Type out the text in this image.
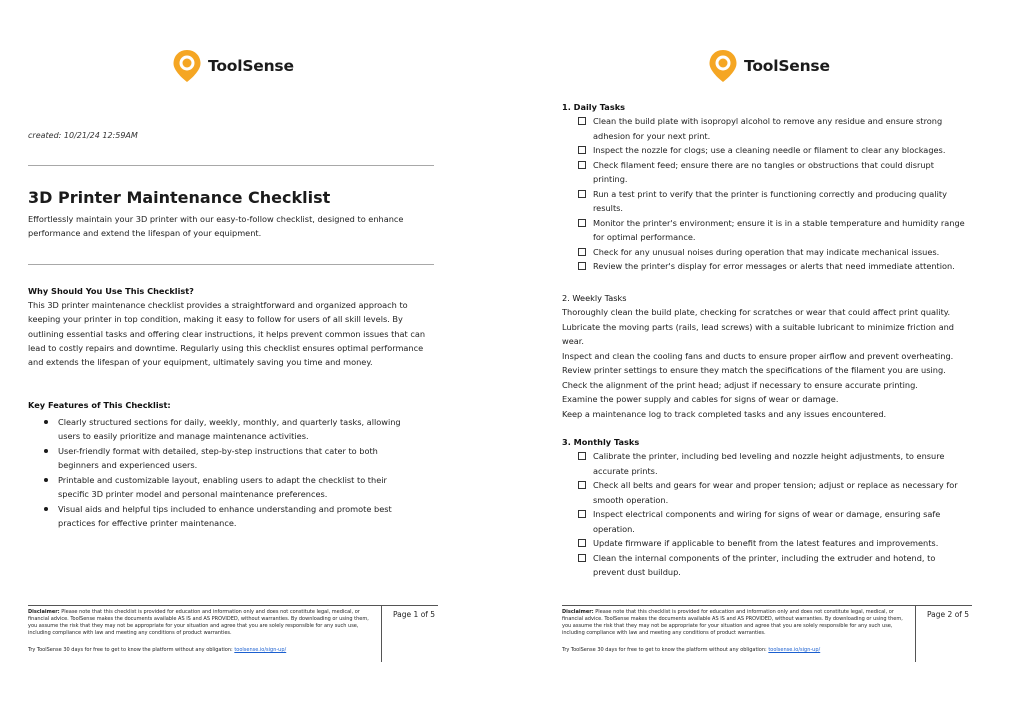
ToolSense
created: 10/21/24 12:59AM
3D Printer Maintenance Checklist
Effortlessly maintain your 3D printer with our easy-to-follow checklist, designed to enhance performance and extend the lifespan of your equipment.
Why Should You Use This Checklist?
This 3D printer maintenance checklist provides a straightforward and organized approach to keeping your printer in top condition, making it easy to follow for users of all skill levels. By outlining essential tasks and offering clear instructions, it helps prevent common issues that can lead to costly repairs and downtime. Regularly using this checklist ensures optimal performance and extends the lifespan of your equipment, ultimately saving you time and money.
Key Features of This Checklist:
Clearly structured sections for daily, weekly, monthly, and quarterly tasks, allowing users to easily prioritize and manage maintenance activities.
User-friendly format with detailed, step-by-step instructions that cater to both beginners and experienced users.
Printable and customizable layout, enabling users to adapt the checklist to their specific 3D printer model and personal maintenance preferences.
Visual aids and helpful tips included to enhance understanding and promote best practices for effective printer maintenance.
Disclaimer: Please note that this checklist is provided for education and information only and does not constitute legal, medical, or financial advice. ToolSense makes the documents available AS IS and AS PROVIDED, without warranties. By downloading or using them, you assume the risk that they may not be appropriate for your situation and agree that you are solely responsible for any such use, including compliance with law and meeting any conditions of product warranties.
Try ToolSense 30 days for free to get to know the platform without any obligation: toolsense.io/sign-up/
Page 1 of 5
ToolSense
1. Daily Tasks
Clean the build plate with isopropyl alcohol to remove any residue and ensure strong adhesion for your next print.
Inspect the nozzle for clogs; use a cleaning needle or filament to clear any blockages.
Check filament feed; ensure there are no tangles or obstructions that could disrupt printing.
Run a test print to verify that the printer is functioning correctly and producing quality results.
Monitor the printer's environment; ensure it is in a stable temperature and humidity range for optimal performance.
Check for any unusual noises during operation that may indicate mechanical issues.
Review the printer's display for error messages or alerts that need immediate attention.
2. Weekly Tasks
Thoroughly clean the build plate, checking for scratches or wear that could affect print quality.
Lubricate the moving parts (rails, lead screws) with a suitable lubricant to minimize friction and wear.
Inspect and clean the cooling fans and ducts to ensure proper airflow and prevent overheating.
Review printer settings to ensure they match the specifications of the filament you are using.
Check the alignment of the print head; adjust if necessary to ensure accurate printing.
Examine the power supply and cables for signs of wear or damage.
Keep a maintenance log to track completed tasks and any issues encountered.
3. Monthly Tasks
Calibrate the printer, including bed leveling and nozzle height adjustments, to ensure accurate prints.
Check all belts and gears for wear and proper tension; adjust or replace as necessary for smooth operation.
Inspect electrical components and wiring for signs of wear or damage, ensuring safe operation.
Update firmware if applicable to benefit from the latest features and improvements.
Clean the internal components of the printer, including the extruder and hotend, to prevent dust buildup.
Disclaimer: Please note that this checklist is provided for education and information only and does not constitute legal, medical, or financial advice. ToolSense makes the documents available AS IS and AS PROVIDED, without warranties. By downloading or using them, you assume the risk that they may not be appropriate for your situation and agree that you are solely responsible for any such use, including compliance with law and meeting any conditions of product warranties.
Try ToolSense 30 days for free to get to know the platform without any obligation: toolsense.io/sign-up/
Page 2 of 5
